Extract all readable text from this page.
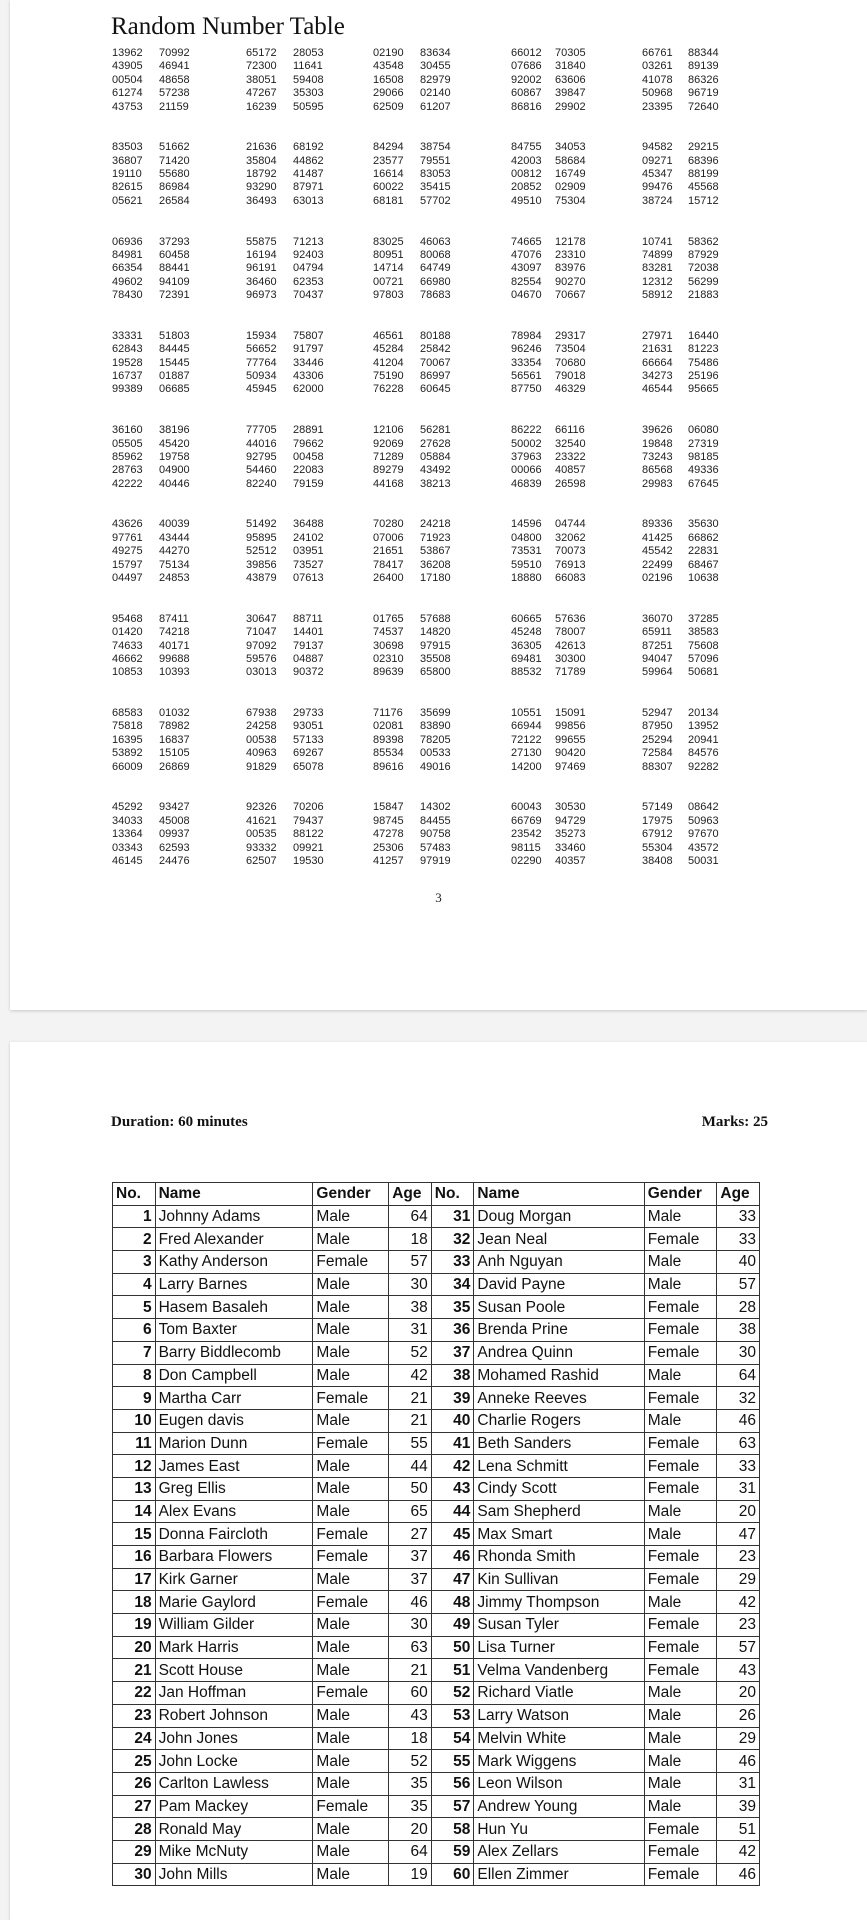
Random Number Table
13962 70992	65172 28053	02190 83634	66012 70305	66761 88344
43905 46941	72300 11641	43548 30455	07686 31840	03261 89139
00504 48658	38051 59408	16508 82979	92002 63606	41078 86326
61274 57238	47267 35303	29066 02140	60867 39847	50968 96719
43753 21159	16239 50595	62509 61207	86816 29902	23395 72640
83503 51662	21636 68192	84294 38754	84755 34053	94582 29215
36807 71420	35804 44862	23577 79551	42003 58684	09271 68396
19110 55680	18792 41487	16614 83053	00812 16749	45347 88199
82615 86984	93290 87971	60022 35415	20852 02909	99476 45568
05621 26584	36493 63013	68181 57702	49510 75304	38724 15712
06936 37293	55875 71213	83025 46063	74665 12178	10741 58362
84981 60458	16194 92403	80951 80068	47076 23310	74899 87929
66354 88441	96191 04794	14714 64749	43097 83976	83281 72038
49602 94109	36460 62353	00721 66980	82554 90270	12312 56299
78430 72391	96973 70437	97803 78683	04670 70667	58912 21883
33331 51803	15934 75807	46561 80188	78984 29317	27971 16440
62843 84445	56652 91797	45284 25842	96246 73504	21631 81223
19528 15445	77764 33446	41204 70067	33354 70680	66664 75486
16737 01887	50934 43306	75190 86997	56561 79018	34273 25196
99389 06685	45945 62000	76228 60645	87750 46329	46544 95665
36160 38196	77705 28891	12106 56281	86222 66116	39626 06080
05505 45420	44016 79662	92069 27628	50002 32540	19848 27319
85962 19758	92795 00458	71289 05884	37963 23322	73243 98185
28763 04900	54460 22083	89279 43492	00066 40857	86568 49336
42222 40446	82240 79159	44168 38213	46839 26598	29983 67645
43626 40039	51492 36488	70280 24218	14596 04744	89336 35630
97761 43444	95895 24102	07006 71923	04800 32062	41425 66862
49275 44270	52512 03951	21651 53867	73531 70073	45542 22831
15797 75134	39856 73527	78417 36208	59510 76913	22499 68467
04497 24853	43879 07613	26400 17180	18880 66083	02196 10638
95468 87411	30647 88711	01765 57688	60665 57636	36070 37285
01420 74218	71047 14401	74537 14820	45248 78007	65911 38583
74633 40171	97092 79137	30698 97915	36305 42613	87251 75608
46662 99688	59576 04887	02310 35508	69481 30300	94047 57096
10853 10393	03013 90372	89639 65800	88532 71789	59964 50681
68583 01032	67938 29733	71176 35699	10551 15091	52947 20134
75818 78982	24258 93051	02081 83890	66944 99856	87950 13952
16395 16837	00538 57133	89398 78205	72122 99655	25294 20941
53892 15105	40963 69267	85534 00533	27130 90420	72584 84576
66009 26869	91829 65078	89616 49016	14200 97469	88307 92282
45292 93427	92326 70206	15847 14302	60043 30530	57149 08642
34033 45008	41621 79437	98745 84455	66769 94729	17975 50963
13364 09937	00535 88122	47278 90758	23542 35273	67912 97670
03343 62593	93332 09921	25306 57483	98115 33460	55304 43572
46145 24476	62507 19530	41257 97919	02290 40357	38408 50031
3
Duration: 60 minutes	Marks: 25
No.	Name	Gender	Age	No.	Name	Gender	Age
1	Johnny Adams	Male	64	31	Doug Morgan	Male	33
2	Fred Alexander	Male	18	32	Jean Neal	Female	33
3	Kathy Anderson	Female	57	33	Anh Nguyan	Male	40
4	Larry Barnes	Male	30	34	David Payne	Male	57
5	Hasem Basaleh	Male	38	35	Susan Poole	Female	28
6	Tom Baxter	Male	31	36	Brenda Prine	Female	38
7	Barry Biddlecomb	Male	52	37	Andrea Quinn	Female	30
8	Don Campbell	Male	42	38	Mohamed Rashid	Male	64
9	Martha Carr	Female	21	39	Anneke Reeves	Female	32
10	Eugen davis	Male	21	40	Charlie Rogers	Male	46
11	Marion Dunn	Female	55	41	Beth Sanders	Female	63
12	James East	Male	44	42	Lena Schmitt	Female	33
13	Greg Ellis	Male	50	43	Cindy Scott	Female	31
14	Alex Evans	Male	65	44	Sam Shepherd	Male	20
15	Donna Faircloth	Female	27	45	Max Smart	Male	47
16	Barbara Flowers	Female	37	46	Rhonda Smith	Female	23
17	Kirk Garner	Male	37	47	Kin Sullivan	Female	29
18	Marie Gaylord	Female	46	48	Jimmy Thompson	Male	42
19	William Gilder	Male	30	49	Susan Tyler	Female	23
20	Mark Harris	Male	63	50	Lisa Turner	Female	57
21	Scott House	Male	21	51	Velma Vandenberg	Female	43
22	Jan Hoffman	Female	60	52	Richard Viatle	Male	20
23	Robert Johnson	Male	43	53	Larry Watson	Male	26
24	John Jones	Male	18	54	Melvin White	Male	29
25	John Locke	Male	52	55	Mark Wiggens	Male	46
26	Carlton Lawless	Male	35	56	Leon Wilson	Male	31
27	Pam Mackey	Female	35	57	Andrew Young	Male	39
28	Ronald May	Male	20	58	Hun Yu	Female	51
29	Mike McNuty	Male	64	59	Alex Zellars	Female	42
30	John Mills	Male	19	60	Ellen Zimmer	Female	46
